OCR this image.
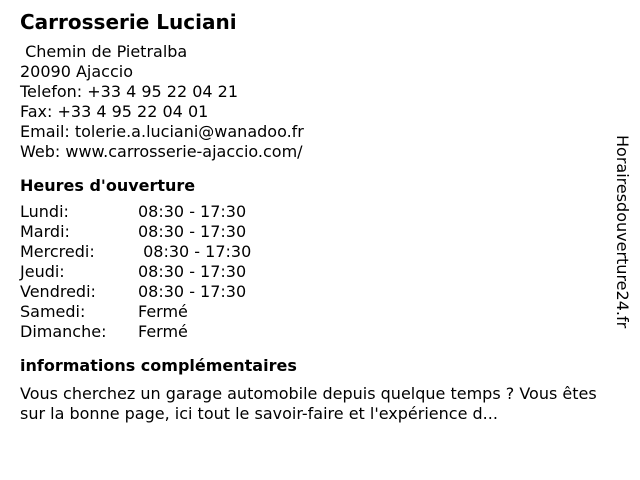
Carrosserie Luciani
Chemin de Pietralba
20090 Ajaccio
Telefon: +33 4 95 22 04 21
Fax: +33 4 95 22 04 01
Email: tolerie.a.luciani@wanadoo.fr
Web: www.carrosserie-ajaccio.com/
Heures d'ouverture
Lundi:	08:30 - 17:30
Mardi:	08:30 - 17:30
Mercredi:	08:30 - 17:30
Jeudi:	08:30 - 17:30
Vendredi:	08:30 - 17:30
Samedi:	Fermé
Dimanche:	Fermé
informations complémentaires
Vous cherchez un garage automobile depuis quelque temps ? Vous êtes sur la bonne page, ici tout le savoir-faire et l'expérience d...
Horairesdouverture24.fr
